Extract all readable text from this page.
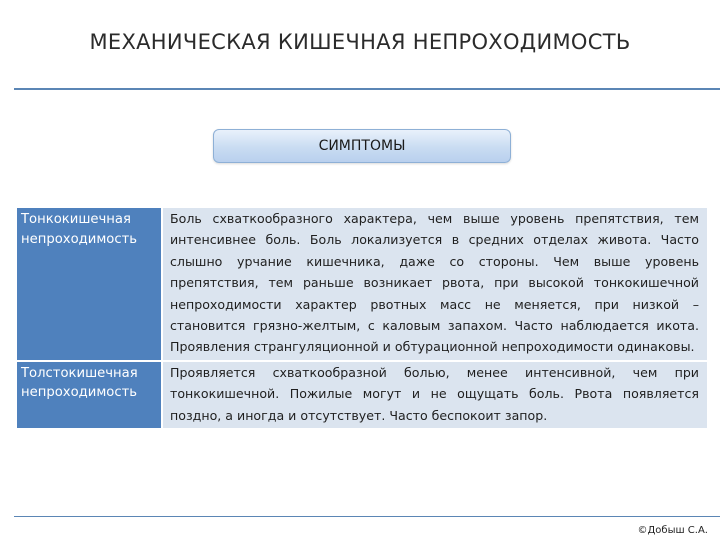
МЕХАНИЧЕСКАЯ КИШЕЧНАЯ НЕПРОХОДИМОСТЬ
СИМПТОМЫ
Тонкокишечная непроходимость
Боль схваткообразного характера, чем выше уровень препятствия, тем интенсивнее боль. Боль локализуется в средних отделах живота. Часто слышно урчание кишечника, даже со стороны. Чем выше уровень препятствия, тем раньше возникает рвота, при высокой тонкокишечной непроходимости характер рвотных масс не меняется, при низкой – становится грязно-желтым, с каловым запахом. Часто наблюдается икота. Проявления странгуляционной и обтурационной непроходимости одинаковы.
Толстокишечная непроходимость
Проявляется схваткообразной болью, менее интенсивной, чем при тонкокишечной. Пожилые могут и не ощущать боль. Рвота появляется поздно, а иногда и отсутствует. Часто беспокоит запор.
©Добыш С.А.
